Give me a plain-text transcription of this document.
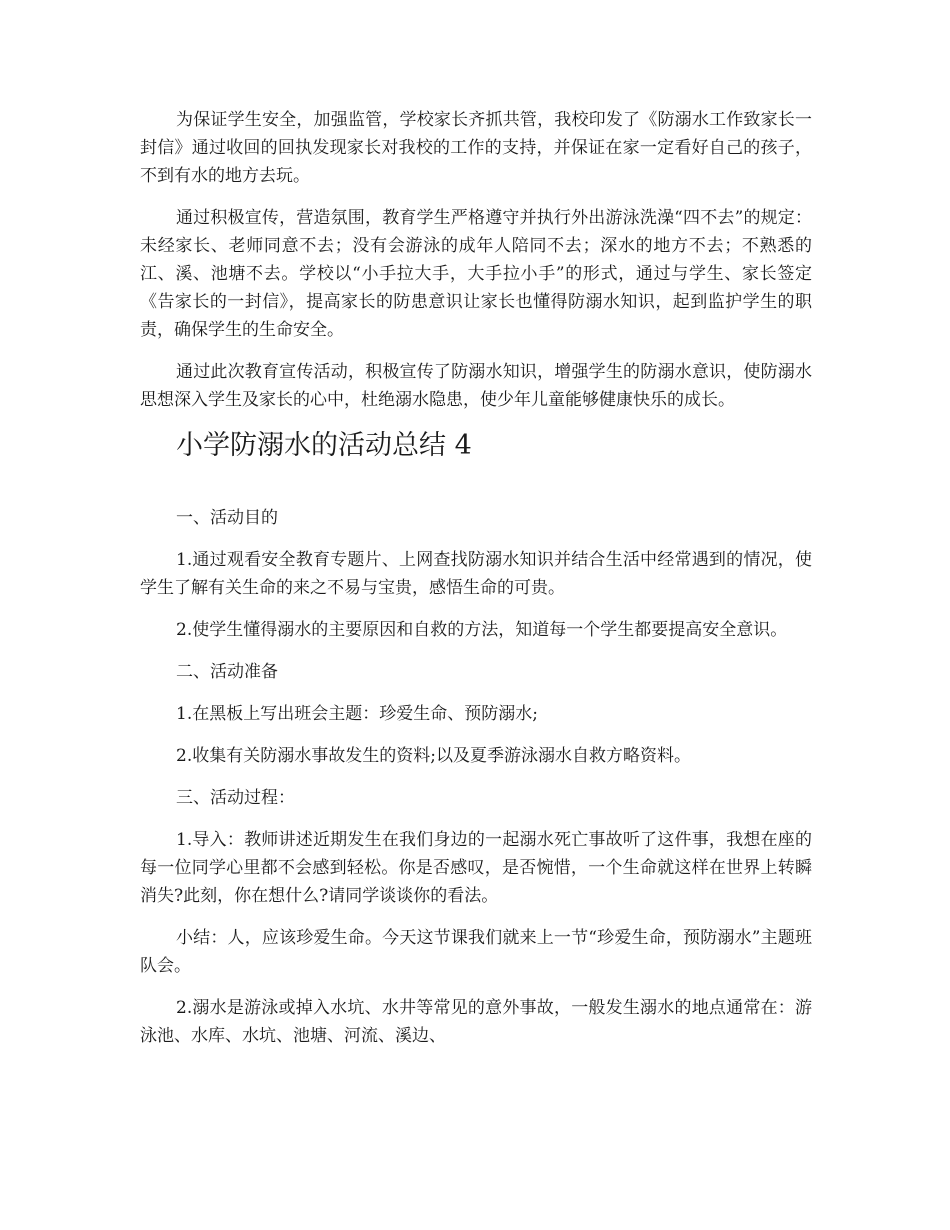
为保证学生安全，加强监管，学校家长齐抓共管，我校印发了《防溺水工作致家长一封信》通过收回的回执发现家长对我校的工作的支持，并保证在家一定看好自己的孩子，不到有水的地方去玩。

通过积极宣传，营造氛围，教育学生严格遵守并执行外出游泳洗澡“四不去”的规定：未经家长、老师同意不去；没有会游泳的成年人陪同不去；深水的地方不去；不熟悉的江、溪、池塘不去。学校以“小手拉大手，大手拉小手”的形式，通过与学生、家长签定《告家长的一封信》，提高家长的防患意识让家长也懂得防溺水知识，起到监护学生的职责，确保学生的生命安全。

通过此次教育宣传活动，积极宣传了防溺水知识，增强学生的防溺水意识，使防溺水思想深入学生及家长的心中，杜绝溺水隐患，使少年儿童能够健康快乐的成长。

小学防溺水的活动总结 4

一、活动目的

1.通过观看安全教育专题片、上网查找防溺水知识并结合生活中经常遇到的情况，使学生了解有关生命的来之不易与宝贵，感悟生命的可贵。

2.使学生懂得溺水的主要原因和自救的方法，知道每一个学生都要提高安全意识。

二、活动准备

1.在黑板上写出班会主题：珍爱生命、预防溺水;

2.收集有关防溺水事故发生的资料;以及夏季游泳溺水自救方略资料。

三、活动过程：

1.导入：教师讲述近期发生在我们身边的一起溺水死亡事故听了这件事，我想在座的每一位同学心里都不会感到轻松。你是否感叹，是否惋惜，一个生命就这样在世界上转瞬消失?此刻，你在想什么?请同学谈谈你的看法。

小结：人，应该珍爱生命。今天这节课我们就来上一节“珍爱生命，预防溺水”主题班队会。

2.溺水是游泳或掉入水坑、水井等常见的意外事故，一般发生溺水的地点通常在：游泳池、水库、水坑、池塘、河流、溪边、
